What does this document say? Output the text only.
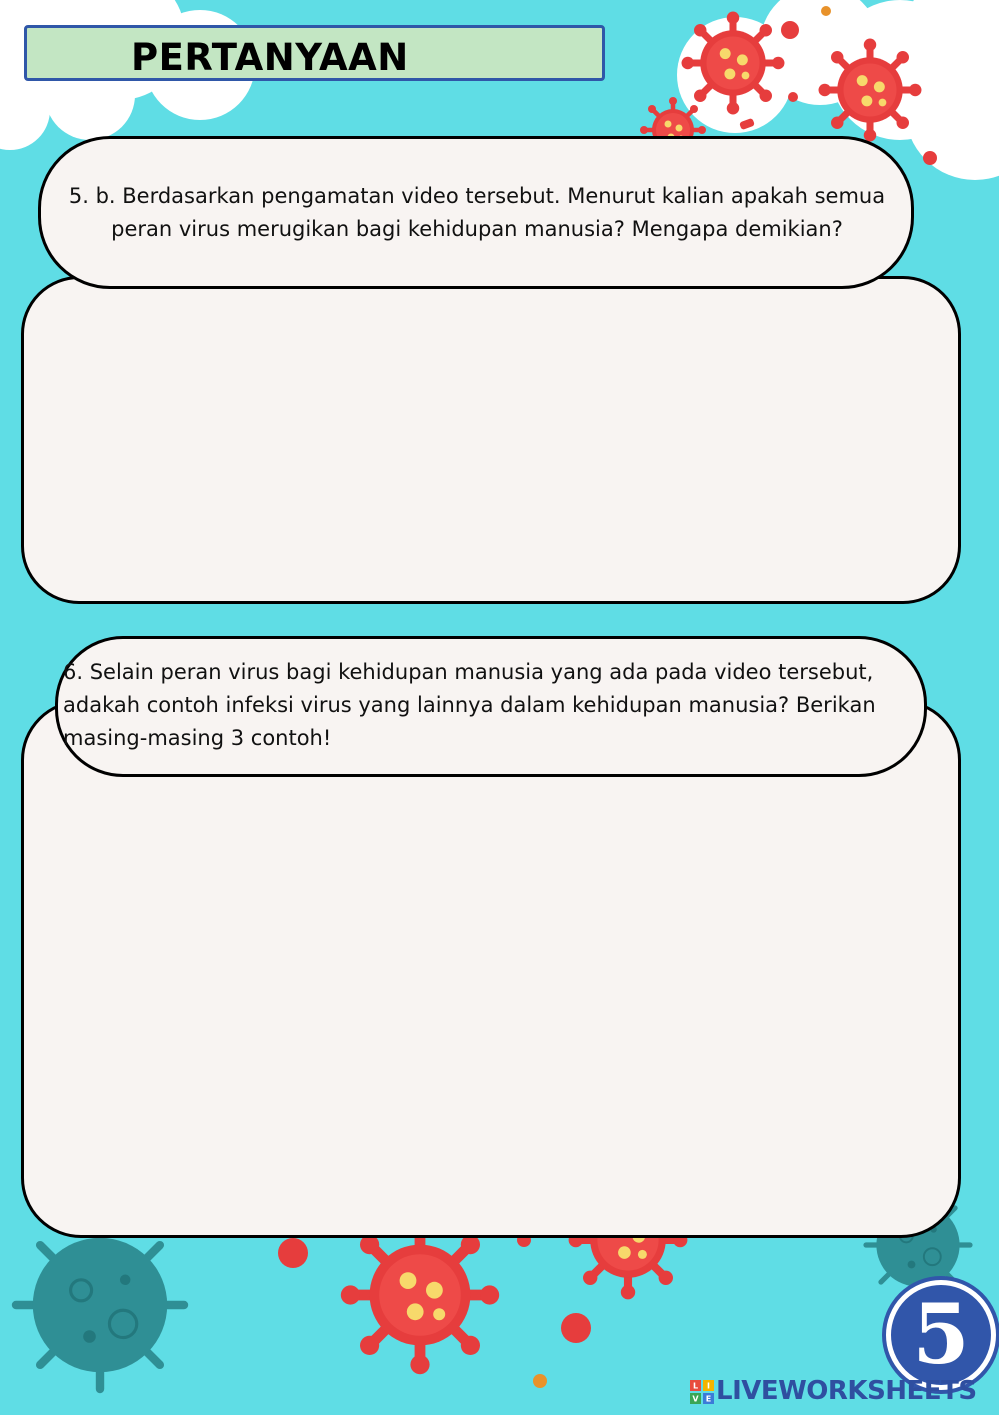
PERTANYAAN

5. b. Berdasarkan pengamatan video tersebut. Menurut kalian apakah semua peran virus merugikan bagi kehidupan manusia? Mengapa demikian?

6. Selain peran virus bagi kehidupan manusia yang ada pada video tersebut, adakah contoh infeksi virus yang lainnya dalam kehidupan manusia? Berikan masing-masing 3 contoh!

5
L I
V E LIVEWORKSHEETS
